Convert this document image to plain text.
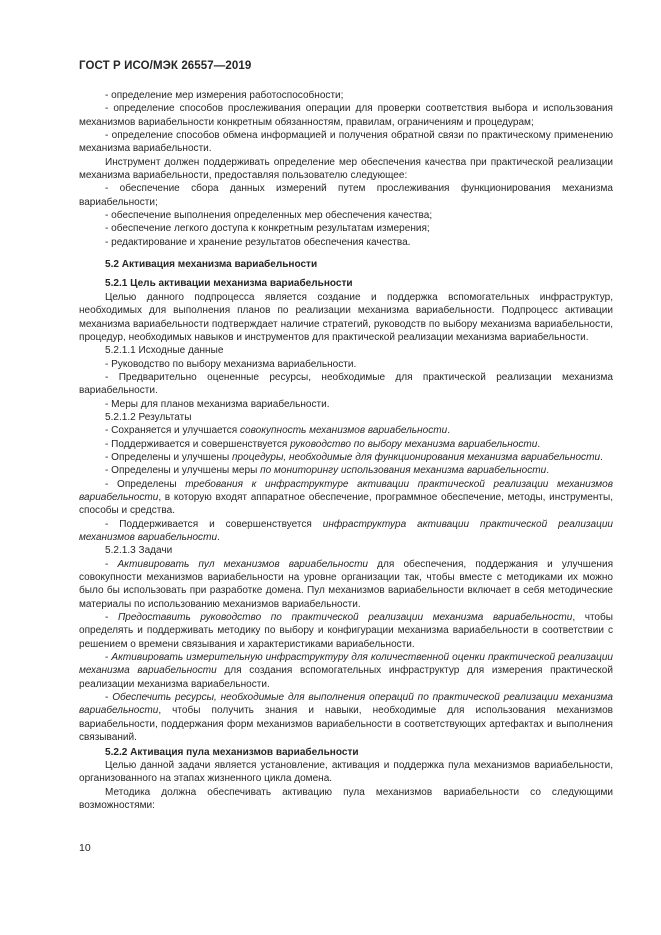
ГОСТ Р ИСО/МЭК 26557—2019

- определение мер измерения работоспособности;

- определение способов прослеживания операции для проверки соответствия выбора и использования механизмов вариабельности конкретным обязанностям, правилам, ограничениям и процедурам;

- определение способов обмена информацией и получения обратной связи по практическому применению механизма вариабельности.

Инструмент должен поддерживать определение мер обеспечения качества при практической реализации механизма вариабельности, предоставляя пользователю следующее:

- обеспечение сбора данных измерений путем прослеживания функционирования механизма вариабельности;

- обеспечение выполнения определенных мер обеспечения качества;

- обеспечение легкого доступа к конкретным результатам измерения;

- редактирование и хранение результатов обеспечения качества.

5.2 Активация механизма вариабельности

5.2.1 Цель активации механизма вариабельности

Целью данного подпроцесса является создание и поддержка вспомогательных инфраструктур, необходимых для выполнения планов по реализации механизма вариабельности. Подпроцесс активации механизма вариабельности подтверждает наличие стратегий, руководств по выбору механизма вариабельности, процедур, необходимых навыков и инструментов для практической реализации механизма вариабельности.

5.2.1.1 Исходные данные

- Руководство по выбору механизма вариабельности.

- Предварительно оцененные ресурсы, необходимые для практической реализации механизма вариабельности.

- Меры для планов механизма вариабельности.

5.2.1.2 Результаты

- Сохраняется и улучшается совокупность механизмов вариабельности.

- Поддерживается и совершенствуется руководство по выбору механизма вариабельности.

- Определены и улучшены процедуры, необходимые для функционирования механизма вариабельности.

- Определены и улучшены меры по мониторингу использования механизма вариабельности.

- Определены требования к инфраструктуре активации практической реализации механизмов вариабельности, в которую входят аппаратное обеспечение, программное обеспечение, методы, инструменты, способы и средства.

- Поддерживается и совершенствуется инфраструктура активации практической реализации механизмов вариабельности.

5.2.1.3 Задачи

- Активировать пул механизмов вариабельности для обеспечения, поддержания и улучшения совокупности механизмов вариабельности на уровне организации так, чтобы вместе с методиками их можно было бы использовать при разработке домена. Пул механизмов вариабельности включает в себя методические материалы по использованию механизмов вариабельности.

- Предоставить руководство по практической реализации механизма вариабельности, чтобы определять и поддерживать методику по выбору и конфигурации механизма вариабельности в соответствии с решением о времени связывания и характеристиками вариабельности.

- Активировать измерительную инфраструктуру для количественной оценки практической реализации механизма вариабельности для создания вспомогательных инфраструктур для измерения практической реализации механизма вариабельности.

- Обеспечить ресурсы, необходимые для выполнения операций по практической реализации механизма вариабельности, чтобы получить знания и навыки, необходимые для использования механизмов вариабельности, поддержания форм механизмов вариабельности в соответствующих артефактах и выполнения связываний.

5.2.2 Активация пула механизмов вариабельности

Целью данной задачи является установление, активация и поддержка пула механизмов вариабельности, организованного на этапах жизненного цикла домена.

Методика должна обеспечивать активацию пула механизмов вариабельности со следующими возможностями:

10
